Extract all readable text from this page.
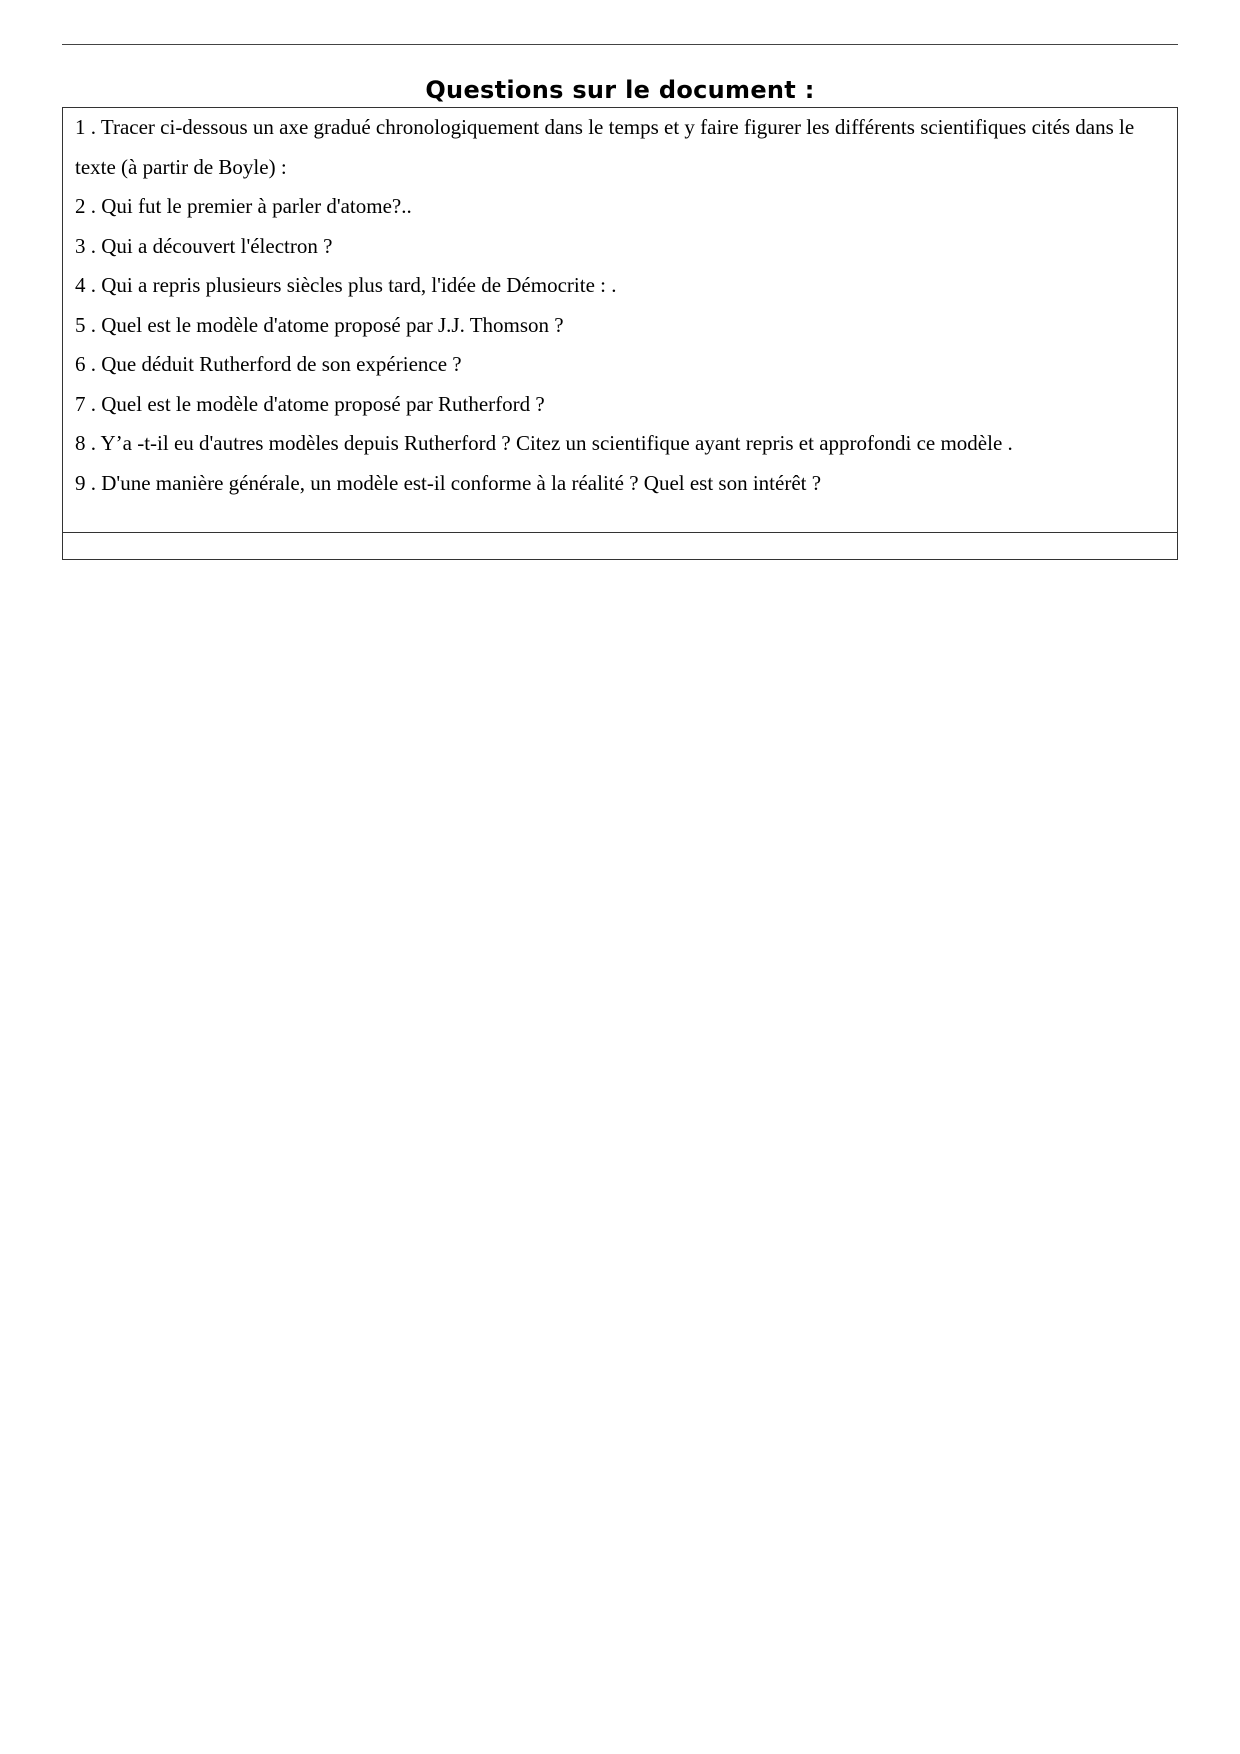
Questions sur le document :
1 . Tracer ci-dessous un axe gradué chronologiquement dans le temps et y faire figurer les différents scientifiques cités dans le texte (à partir de Boyle) :
2 . Qui fut le premier à parler d'atome?..
3 . Qui a découvert l'électron ?
4 . Qui a repris plusieurs siècles plus tard, l'idée de Démocrite : .
5 . Quel est le modèle d'atome proposé par J.J. Thomson ?
6 . Que déduit Rutherford de son expérience ?
7 . Quel est le modèle d'atome proposé par Rutherford ?
8 . Y’a -t-il eu d'autres modèles depuis Rutherford ? Citez un scientifique ayant repris et approfondi ce modèle .
9 . D'une manière générale, un modèle est-il conforme à la réalité ? Quel est son intérêt ?
